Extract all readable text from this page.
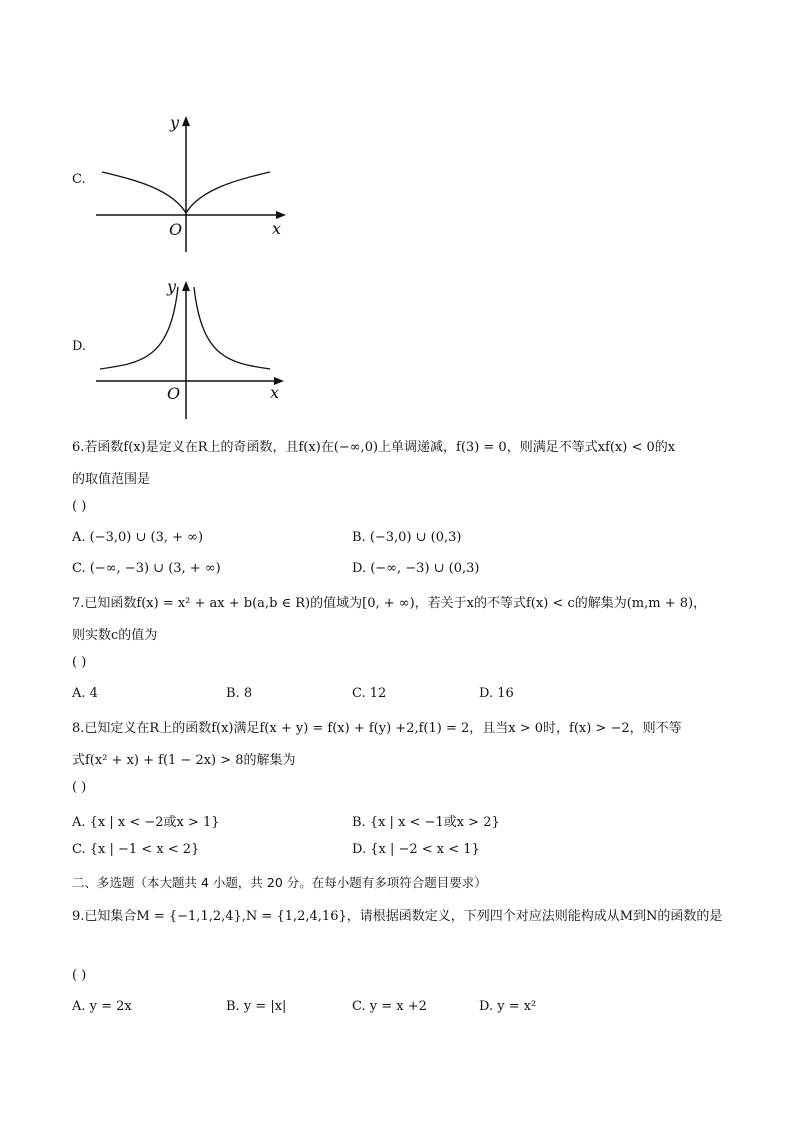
C.
y
x
O
D.
y
x
O
6.若函数f(x)是定义在R上的奇函数，且f(x)在(−∞,0)上单调递减，f(3) = 0，则满足不等式xf(x) < 0的x
的取值范围是
( )
A. (−3,0) ∪ (3, + ∞)	B. (−3,0) ∪ (0,3)
C. (−∞, −3) ∪ (3, + ∞)	D. (−∞, −3) ∪ (0,3)
7.已知函数f(x) = x² + ax + b(a,b ∈ R)的值域为[0, + ∞)，若关于x的不等式f(x) < c的解集为(m,m + 8)，
则实数c的值为
( )
A. 4	B. 8	C. 12	D. 16
8.已知定义在R上的函数f(x)满足f(x + y) = f(x) + f(y) +2,f(1) = 2，且当x > 0时，f(x) > −2，则不等
式f(x² + x) + f(1 − 2x) > 8的解集为
( )
A. {x | x < −2或x > 1}	B. {x | x < −1或x > 2}
C. {x | −1 < x < 2}	D. {x | −2 < x < 1}
二、多选题（本大题共 4 小题，共 20 分。在每小题有多项符合题目要求）
9.已知集合M = {−1,1,2,4},N = {1,2,4,16}，请根据函数定义，下列四个对应法则能构成从M到N的函数的是
( )
A. y = 2x	B. y = |x|	C. y = x +2	D. y = x²
